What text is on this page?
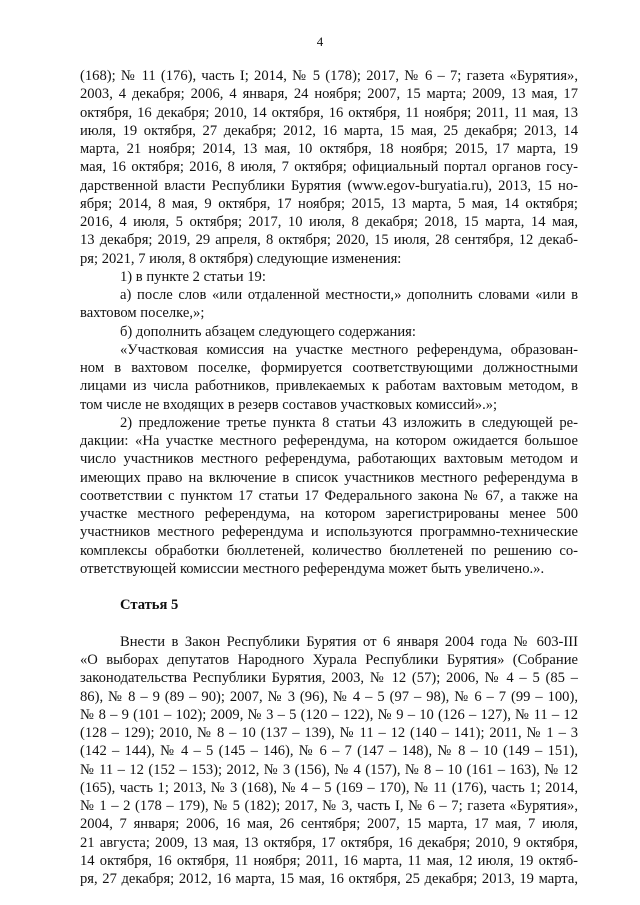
4
(168); № 11 (176), часть I; 2014, № 5 (178); 2017, № 6 – 7; газета «Бурятия»,
2003, 4 декабря; 2006, 4 января, 24 ноября; 2007, 15 марта; 2009, 13 мая, 17
октября, 16 декабря; 2010, 14 октября, 16 октября, 11 ноября; 2011, 11 мая, 13
июля, 19 октября, 27 декабря; 2012, 16 марта, 15 мая, 25 декабря; 2013, 14
марта, 21 ноября; 2014, 13 мая, 10 октября, 18 ноября; 2015, 17 марта, 19
мая, 16 октября; 2016, 8 июля, 7 октября; официальный портал органов госу-
дарственной власти Республики Бурятия (www.egov-buryatia.ru), 2013, 15 но-
ября; 2014, 8 мая, 9 октября, 17 ноября; 2015, 13 марта, 5 мая, 14 октября;
2016, 4 июля, 5 октября; 2017, 10 июля, 8 декабря; 2018, 15 марта, 14 мая,
13 декабря; 2019, 29 апреля, 8 октября; 2020, 15 июля, 28 сентября, 12 декаб-
ря; 2021, 7 июля, 8 октября) следующие изменения:
1) в пункте 2 статьи 19:
а) после слов «или отдаленной местности,» дополнить словами «или в
вахтовом поселке,»;
б) дополнить абзацем следующего содержания:
«Участковая комиссия на участке местного референдума, образован-
ном в вахтовом поселке, формируется соответствующими должностными
лицами из числа работников, привлекаемых к работам вахтовым методом, в
том числе не входящих в резерв составов участковых комиссий».»;
2) предложение третье пункта 8 статьи 43 изложить в следующей ре-
дакции: «На участке местного референдума, на котором ожидается большое
число участников местного референдума, работающих вахтовым методом и
имеющих право на включение в список участников местного референдума в
соответствии с пунктом 17 статьи 17 Федерального закона № 67, а также на
участке местного референдума, на котором зарегистрированы менее 500
участников местного референдума и используются программно-технические
комплексы обработки бюллетеней, количество бюллетеней по решению со-
ответствующей комиссии местного референдума может быть увеличено.».
Статья 5
Внести в Закон Республики Бурятия от 6 января 2004 года № 603-III
«О выборах депутатов Народного Хурала Республики Бурятия» (Собрание
законодательства Республики Бурятия, 2003, № 12 (57); 2006, № 4 – 5 (85 –
86), № 8 – 9 (89 – 90); 2007, № 3 (96), № 4 – 5 (97 – 98), № 6 – 7 (99 – 100),
№ 8 – 9 (101 – 102); 2009, № 3 – 5 (120 – 122), № 9 – 10 (126 – 127), № 11 – 12
(128 – 129); 2010, № 8 – 10 (137 – 139), № 11 – 12 (140 – 141); 2011, № 1 – 3
(142 – 144), № 4 – 5 (145 – 146), № 6 – 7 (147 – 148), № 8 – 10 (149 – 151),
№ 11 – 12 (152 – 153); 2012, № 3 (156), № 4 (157), № 8 – 10 (161 – 163), № 12
(165), часть 1; 2013, № 3 (168), № 4 – 5 (169 – 170), № 11 (176), часть 1; 2014,
№ 1 – 2 (178 – 179), № 5 (182); 2017, № 3, часть I, № 6 – 7; газета «Бурятия»,
2004, 7 января; 2006, 16 мая, 26 сентября; 2007, 15 марта, 17 мая, 7 июля,
21 августа; 2009, 13 мая, 13 октября, 17 октября, 16 декабря; 2010, 9 октября,
14 октября, 16 октября, 11 ноября; 2011, 16 марта, 11 мая, 12 июля, 19 октяб-
ря, 27 декабря; 2012, 16 марта, 15 мая, 16 октября, 25 декабря; 2013, 19 марта,
